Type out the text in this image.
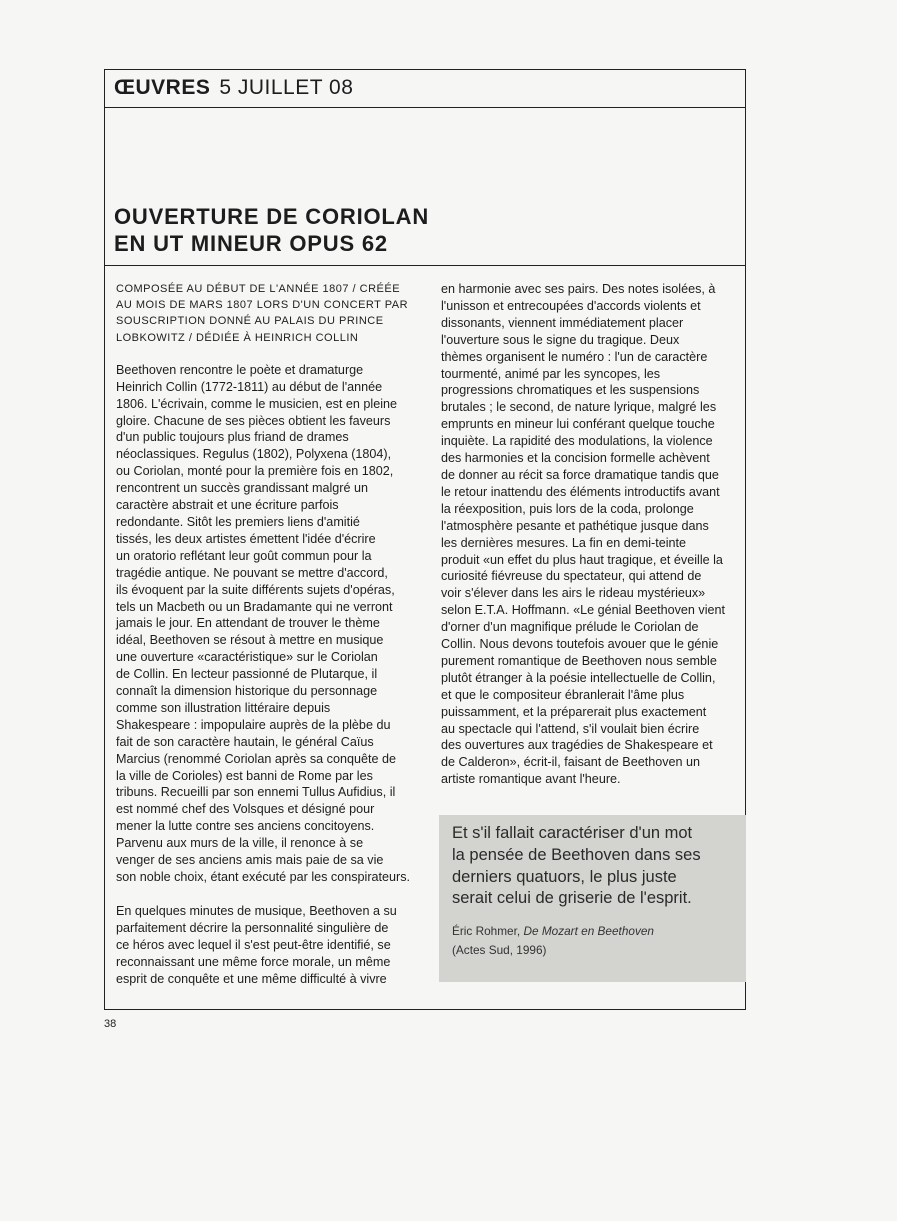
ŒUVRES 5 JUILLET 08
OUVERTURE DE CORIOLAN
EN UT MINEUR OPUS 62
COMPOSÉE AU DÉBUT DE L'ANNÉE 1807 / CRÉÉE
AU MOIS DE MARS 1807 LORS D'UN CONCERT PAR
SOUSCRIPTION DONNÉ AU PALAIS DU PRINCE
LOBKOWITZ / DÉDIÉE À HEINRICH COLLIN
Beethoven rencontre le poète et dramaturge
Heinrich Collin (1772-1811) au début de l'année
1806. L'écrivain, comme le musicien, est en pleine
gloire. Chacune de ses pièces obtient les faveurs
d'un public toujours plus friand de drames
néoclassiques. Regulus (1802), Polyxena (1804),
ou Coriolan, monté pour la première fois en 1802,
rencontrent un succès grandissant malgré un
caractère abstrait et une écriture parfois
redondante. Sitôt les premiers liens d'amitié
tissés, les deux artistes émettent l'idée d'écrire
un oratorio reflétant leur goût commun pour la
tragédie antique. Ne pouvant se mettre d'accord,
ils évoquent par la suite différents sujets d'opéras,
tels un Macbeth ou un Bradamante qui ne verront
jamais le jour. En attendant de trouver le thème
idéal, Beethoven se résout à mettre en musique
une ouverture «caractéristique» sur le Coriolan
de Collin. En lecteur passionné de Plutarque, il
connaît la dimension historique du personnage
comme son illustration littéraire depuis
Shakespeare : impopulaire auprès de la plèbe du
fait de son caractère hautain, le général Caïus
Marcius (renommé Coriolan après sa conquête de
la ville de Corioles) est banni de Rome par les
tribuns. Recueilli par son ennemi Tullus Aufidius, il
est nommé chef des Volsques et désigné pour
mener la lutte contre ses anciens concitoyens.
Parvenu aux murs de la ville, il renonce à se
venger de ses anciens amis mais paie de sa vie
son noble choix, étant exécuté par les conspirateurs.
En quelques minutes de musique, Beethoven a su
parfaitement décrire la personnalité singulière de
ce héros avec lequel il s'est peut-être identifié, se
reconnaissant une même force morale, un même
esprit de conquête et une même difficulté à vivre
en harmonie avec ses pairs. Des notes isolées, à
l'unisson et entrecoupées d'accords violents et
dissonants, viennent immédiatement placer
l'ouverture sous le signe du tragique. Deux
thèmes organisent le numéro : l'un de caractère
tourmenté, animé par les syncopes, les
progressions chromatiques et les suspensions
brutales ; le second, de nature lyrique, malgré les
emprunts en mineur lui conférant quelque touche
inquiète. La rapidité des modulations, la violence
des harmonies et la concision formelle achèvent
de donner au récit sa force dramatique tandis que
le retour inattendu des éléments introductifs avant
la réexposition, puis lors de la coda, prolonge
l'atmosphère pesante et pathétique jusque dans
les dernières mesures. La fin en demi-teinte
produit «un effet du plus haut tragique, et éveille la
curiosité fiévreuse du spectateur, qui attend de
voir s'élever dans les airs le rideau mystérieux»
selon E.T.A. Hoffmann. «Le génial Beethoven vient
d'orner d'un magnifique prélude le Coriolan de
Collin. Nous devons toutefois avouer que le génie
purement romantique de Beethoven nous semble
plutôt étranger à la poésie intellectuelle de Collin,
et que le compositeur ébranlerait l'âme plus
puissamment, et la préparerait plus exactement
au spectacle qui l'attend, s'il voulait bien écrire
des ouvertures aux tragédies de Shakespeare et
de Calderon», écrit-il, faisant de Beethoven un
artiste romantique avant l'heure.
Et s'il fallait caractériser d'un mot
la pensée de Beethoven dans ses
derniers quatuors, le plus juste
serait celui de griserie de l'esprit.
Éric Rohmer, De Mozart en Beethoven
(Actes Sud, 1996)
38
